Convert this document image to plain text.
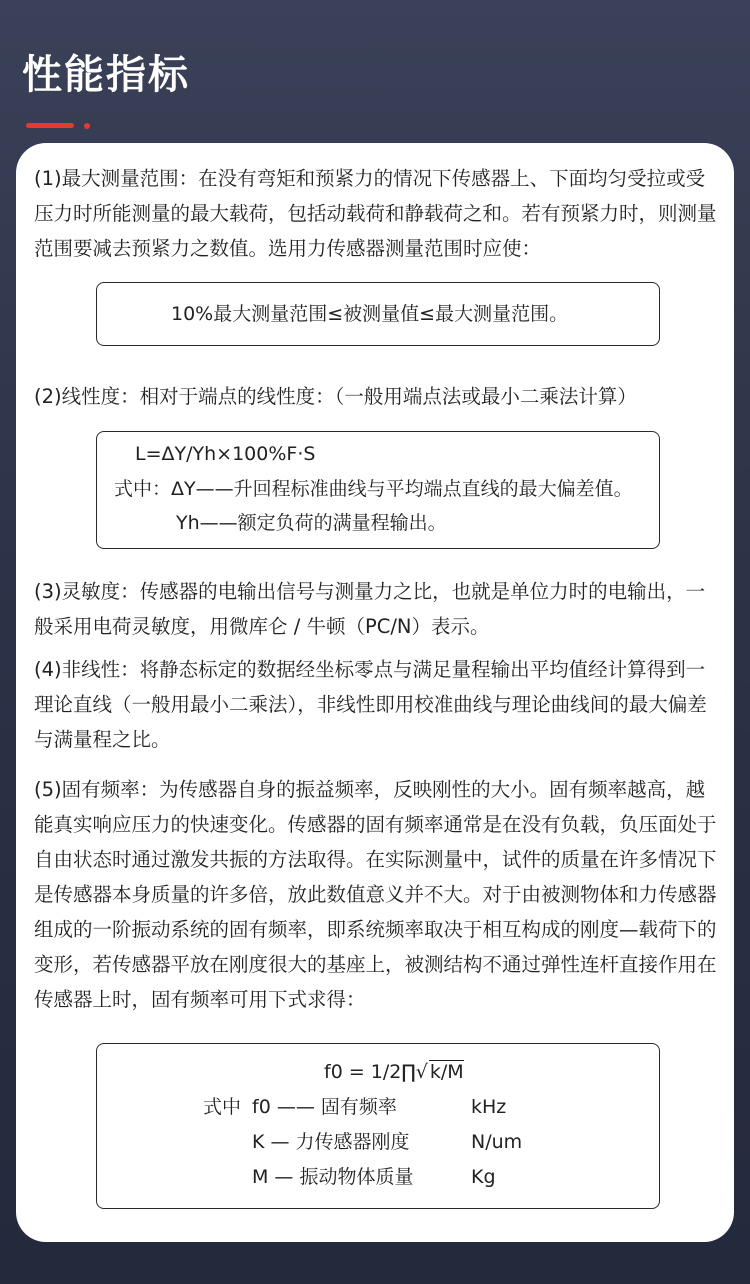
性能指标

(1)最大测量范围：在没有弯矩和预紧力的情况下传感器上、下面均匀受拉或受压力时所能测量的最大载荷，包括动载荷和静载荷之和。若有预紧力时，则测量范围要减去预紧力之数值。选用力传感器测量范围时应使：

10%最大测量范围≤被测量值≤最大测量范围。

(2)线性度：相对于端点的线性度：（一般用端点法或最小二乘法计算）

L=ΔY/Yh×100%F·S
式中：ΔY——升回程标准曲线与平均端点直线的最大偏差值。
Yh——额定负荷的满量程输出。

(3)灵敏度：传感器的电输出信号与测量力之比，也就是单位力时的电输出，一般采用电荷灵敏度，用微库仑 / 牛顿（PC/N）表示。

(4)非线性：将静态标定的数据经坐标零点与满足量程输出平均值经计算得到一理论直线（一般用最小二乘法），非线性即用校准曲线与理论曲线间的最大偏差与满量程之比。

(5)固有频率：为传感器自身的振益频率，反映刚性的大小。固有频率越高，越能真实响应压力的快速变化。传感器的固有频率通常是在没有负载，负压面处于自由状态时通过激发共振的方法取得。在实际测量中，试件的质量在许多情况下是传感器本身质量的许多倍，放此数值意义并不大。对于由被测物体和力传感器组成的一阶振动系统的固有频率，即系统频率取决于相互构成的刚度—载荷下的变形，若传感器平放在刚度很大的基座上，被测结构不通过弹性连杆直接作用在传感器上时，固有频率可用下式求得：

f0 = 1/2∏√ k/M
式中 f0 —— 固有频率	kHz
K — 力传感器刚度	N/um
M — 振动物体质量	Kg
